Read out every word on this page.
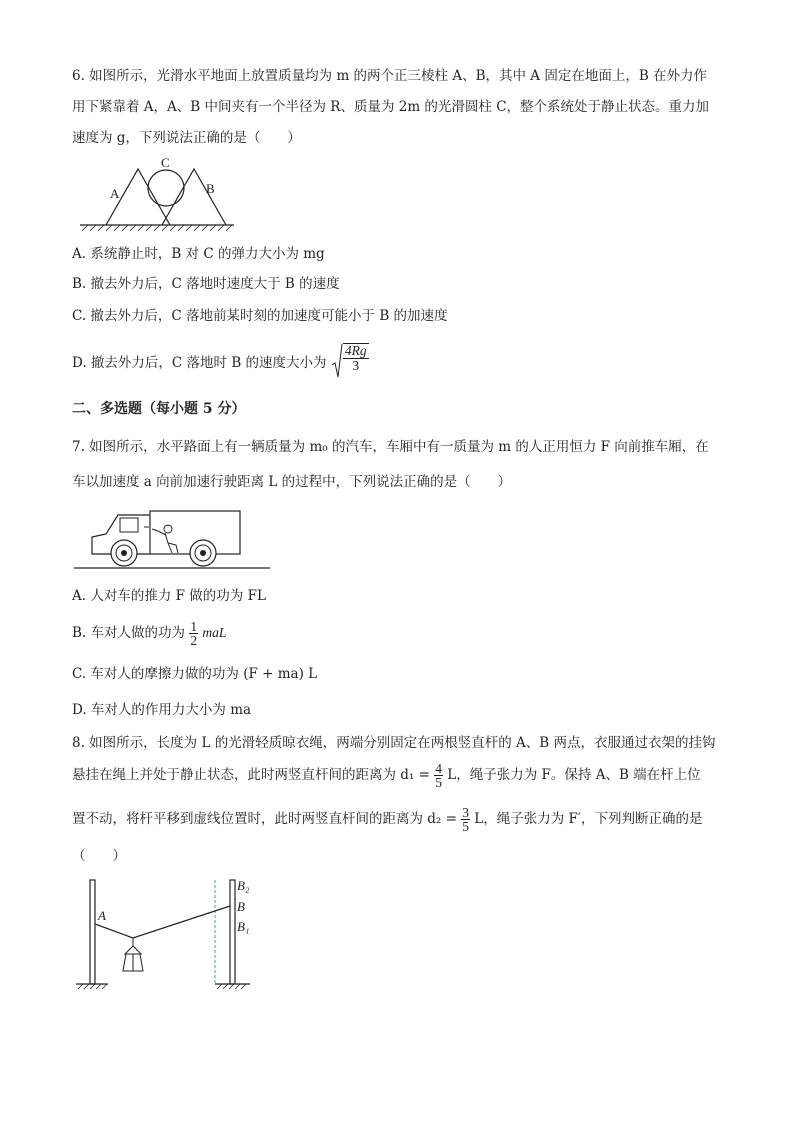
6. 如图所示，光滑水平地面上放置质量均为 m 的两个正三棱柱 A、B，其中 A 固定在地面上，B 在外力作
用下紧靠着 A，A、B 中间夹有一个半径为 R、质量为 2m 的光滑圆柱 C，整个系统处于静止状态。重力加
速度为 g，下列说法正确的是（　　）
A
C
B
A. 系统静止时，B 对 C 的弹力大小为 mg
B. 撤去外力后，C 落地时速度大于 B 的速度
C. 撤去外力后，C 落地前某时刻的加速度可能小于 B 的加速度
D. 撤去外力后，C 落地时 B 的速度大小为 $\frac{4Rg}{3}$
二、多选题（每小题 5 分）
7. 如图所示，水平路面上有一辆质量为 m₀ 的汽车，车厢中有一质量为 m 的人正用恒力 F 向前推车厢，在
车以加速度 a 向前加速行驶距离 L 的过程中，下列说法正确的是（　　）
A. 人对车的推力 F 做的功为 FL
B. 车对人做的功为 $\frac{1}{2}$ maL
C. 车对人的摩擦力做的功为 (F + ma) L
D. 车对人的作用力大小为 ma
8. 如图所示，长度为 L 的光滑轻质晾衣绳，两端分别固定在两根竖直杆的 A、B 两点，衣服通过衣架的挂钩
悬挂在绳上并处于静止状态，此时两竖直杆间的距离为 $d_1 = \frac{4}{5}$ L，绳子张力为 F。保持 A、B 端在杆上位
置不动，将杆平移到虚线位置时，此时两竖直杆间的距离为 $d_2 = \frac{3}{5}$ L，绳子张力为 F′，下列判断正确的是
（　　）
A
B₂
B
B₁
